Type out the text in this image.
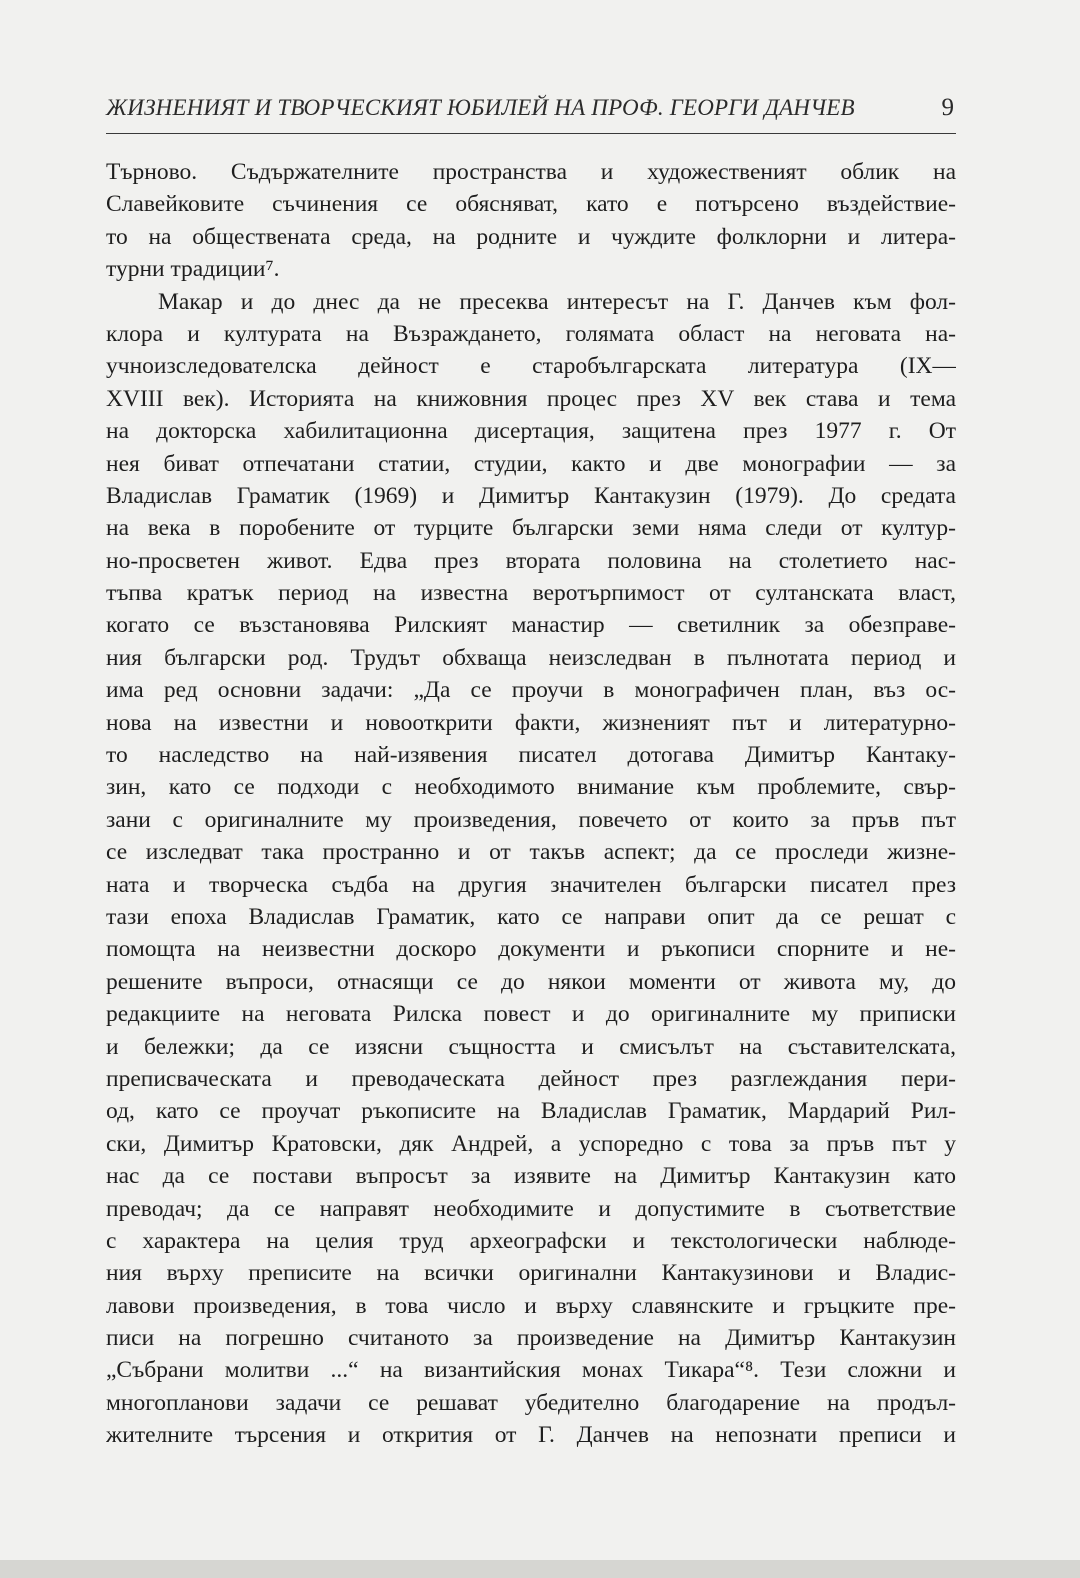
ЖИЗНЕНИЯТ И ТВОРЧЕСКИЯТ ЮБИЛЕЙ НА ПРОФ. ГЕОРГИ ДАНЧЕВ	9
Търново. Съдържателните пространства и художественият облик на
Славейковите съчинения се обясняват, като е потърсено въздействие-
то на обществената среда, на родните и чуждите фолклорни и литера-
турни традиции⁷.
Макар и до днес да не пресеква интересът на Г. Данчев към фол-
клора и културата на Възраждането, голямата област на неговата на-
учноизследователска дейност е старобългарската литература (IX—
XVIII век). Историята на книжовния процес през XV век става и тема
на докторска хабилитационна дисертация, защитена през 1977 г. От
нея биват отпечатани статии, студии, както и две монографии — за
Владислав Граматик (1969) и Димитър Кантакузин (1979). До средата
на века в поробените от турците български земи няма следи от култур-
но-просветен живот. Едва през втората половина на столетието нас-
тъпва кратък период на известна веротърпимост от султанската власт,
когато се възстановява Рилският манастир — светилник за обезправе-
ния български род. Трудът обхваща неизследван в пълнотата период и
има ред основни задачи: „Да се проучи в монографичен план, въз ос-
нова на известни и новооткрити факти, жизненият път и литературно-
то наследство на най-изявения писател дотогава Димитър Кантаку-
зин, като се подходи с необходимото внимание към проблемите, свър-
зани с оригиналните му произведения, повечето от които за пръв път
се изследват така пространно и от такъв аспект; да се проследи жизне-
ната и творческа съдба на другия значителен български писател през
тази епоха Владислав Граматик, като се направи опит да се решат с
помощта на неизвестни доскоро документи и ръкописи спорните и не-
решените въпроси, отнасящи се до някои моменти от живота му, до
редакциите на неговата Рилска повест и до оригиналните му приписки
и бележки; да се изясни същността и смисълът на съставителската,
преписваческата и преводаческата дейност през разглеждания пери-
од, като се проучат ръкописите на Владислав Граматик, Мардарий Рил-
ски, Димитър Кратовски, дяк Андрей, а успоредно с това за пръв път у
нас да се постави въпросът за изявите на Димитър Кантакузин като
преводач; да се направят необходимите и допустимите в съответствие
с характера на целия труд археографски и текстологически наблюде-
ния върху преписите на всички оригинални Кантакузинови и Владис-
лавови произведения, в това число и върху славянските и гръцките пре-
писи на погрешно считаното за произведение на Димитър Кантакузин
„Събрани молитви ...“ на византийския монах Тикара“⁸. Тези сложни и
многопланови задачи се решават убедително благодарение на продъл-
жителните търсения и открития от Г. Данчев на непознати преписи и
